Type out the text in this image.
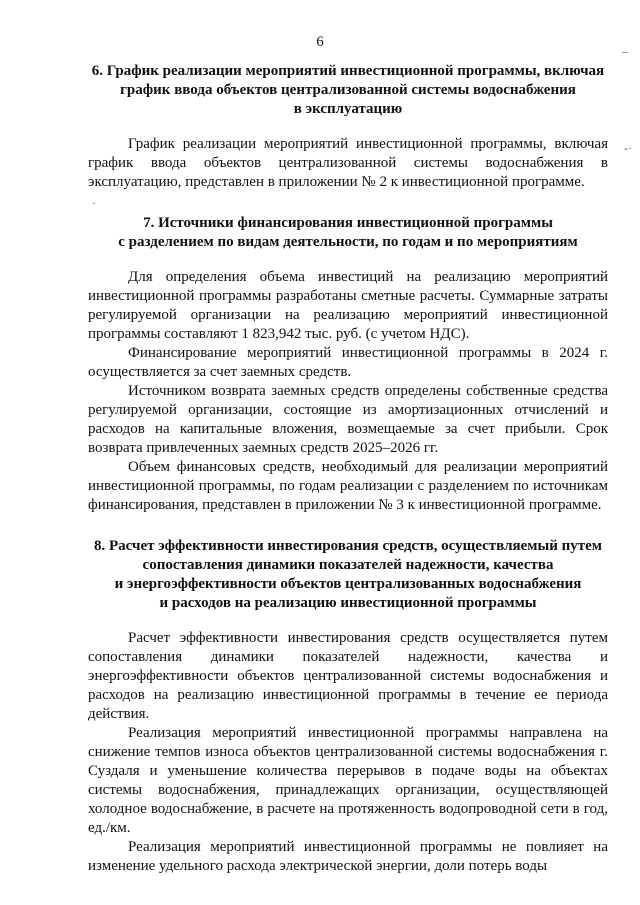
6
–
-·
·
6. График реализации мероприятий инвестиционной программы, включая
график ввода объектов централизованной системы водоснабжения
в эксплуатацию

График реализации мероприятий инвестиционной программы, включая график ввода объектов централизованной системы водоснабжения в эксплуатацию, представлен в приложении № 2 к инвестиционной программе.

7. Источники финансирования инвестиционной программы
с разделением по видам деятельности, по годам и по мероприятиям

Для определения объема инвестиций на реализацию мероприятий инвестиционной программы разработаны сметные расчеты. Суммарные затраты регулируемой организации на реализацию мероприятий инвестиционной программы составляют 1 823,942 тыс. руб. (с учетом НДС).

Финансирование мероприятий инвестиционной программы в 2024 г. осуществляется за счет заемных средств.

Источником возврата заемных средств определены собственные средства регулируемой организации, состоящие из амортизационных отчислений и расходов на капитальные вложения, возмещаемые за счет прибыли. Срок возврата привлеченных заемных средств 2025–2026 гг.

Объем финансовых средств, необходимый для реализации мероприятий инвестиционной программы, по годам реализации с разделением по источникам финансирования, представлен в приложении № 3 к инвестиционной программе.

8. Расчет эффективности инвестирования средств, осуществляемый путем
сопоставления динамики показателей надежности, качества
и энергоэффективности объектов централизованных водоснабжения
и расходов на реализацию инвестиционной программы

Расчет эффективности инвестирования средств осуществляется путем сопоставления динамики показателей надежности, качества и энергоэффективности объектов централизованной системы водоснабжения и расходов на реализацию инвестиционной программы в течение ее периода действия.

Реализация мероприятий инвестиционной программы направлена на снижение темпов износа объектов централизованной системы водоснабжения г. Суздаля и уменьшение количества перерывов в подаче воды на объектах системы водоснабжения, принадлежащих организации, осуществляющей холодное водоснабжение, в расчете на протяженность водопроводной сети в год, ед./км.

Реализация мероприятий инвестиционной программы не повлияет на изменение удельного расхода электрической энергии, доли потерь воды
